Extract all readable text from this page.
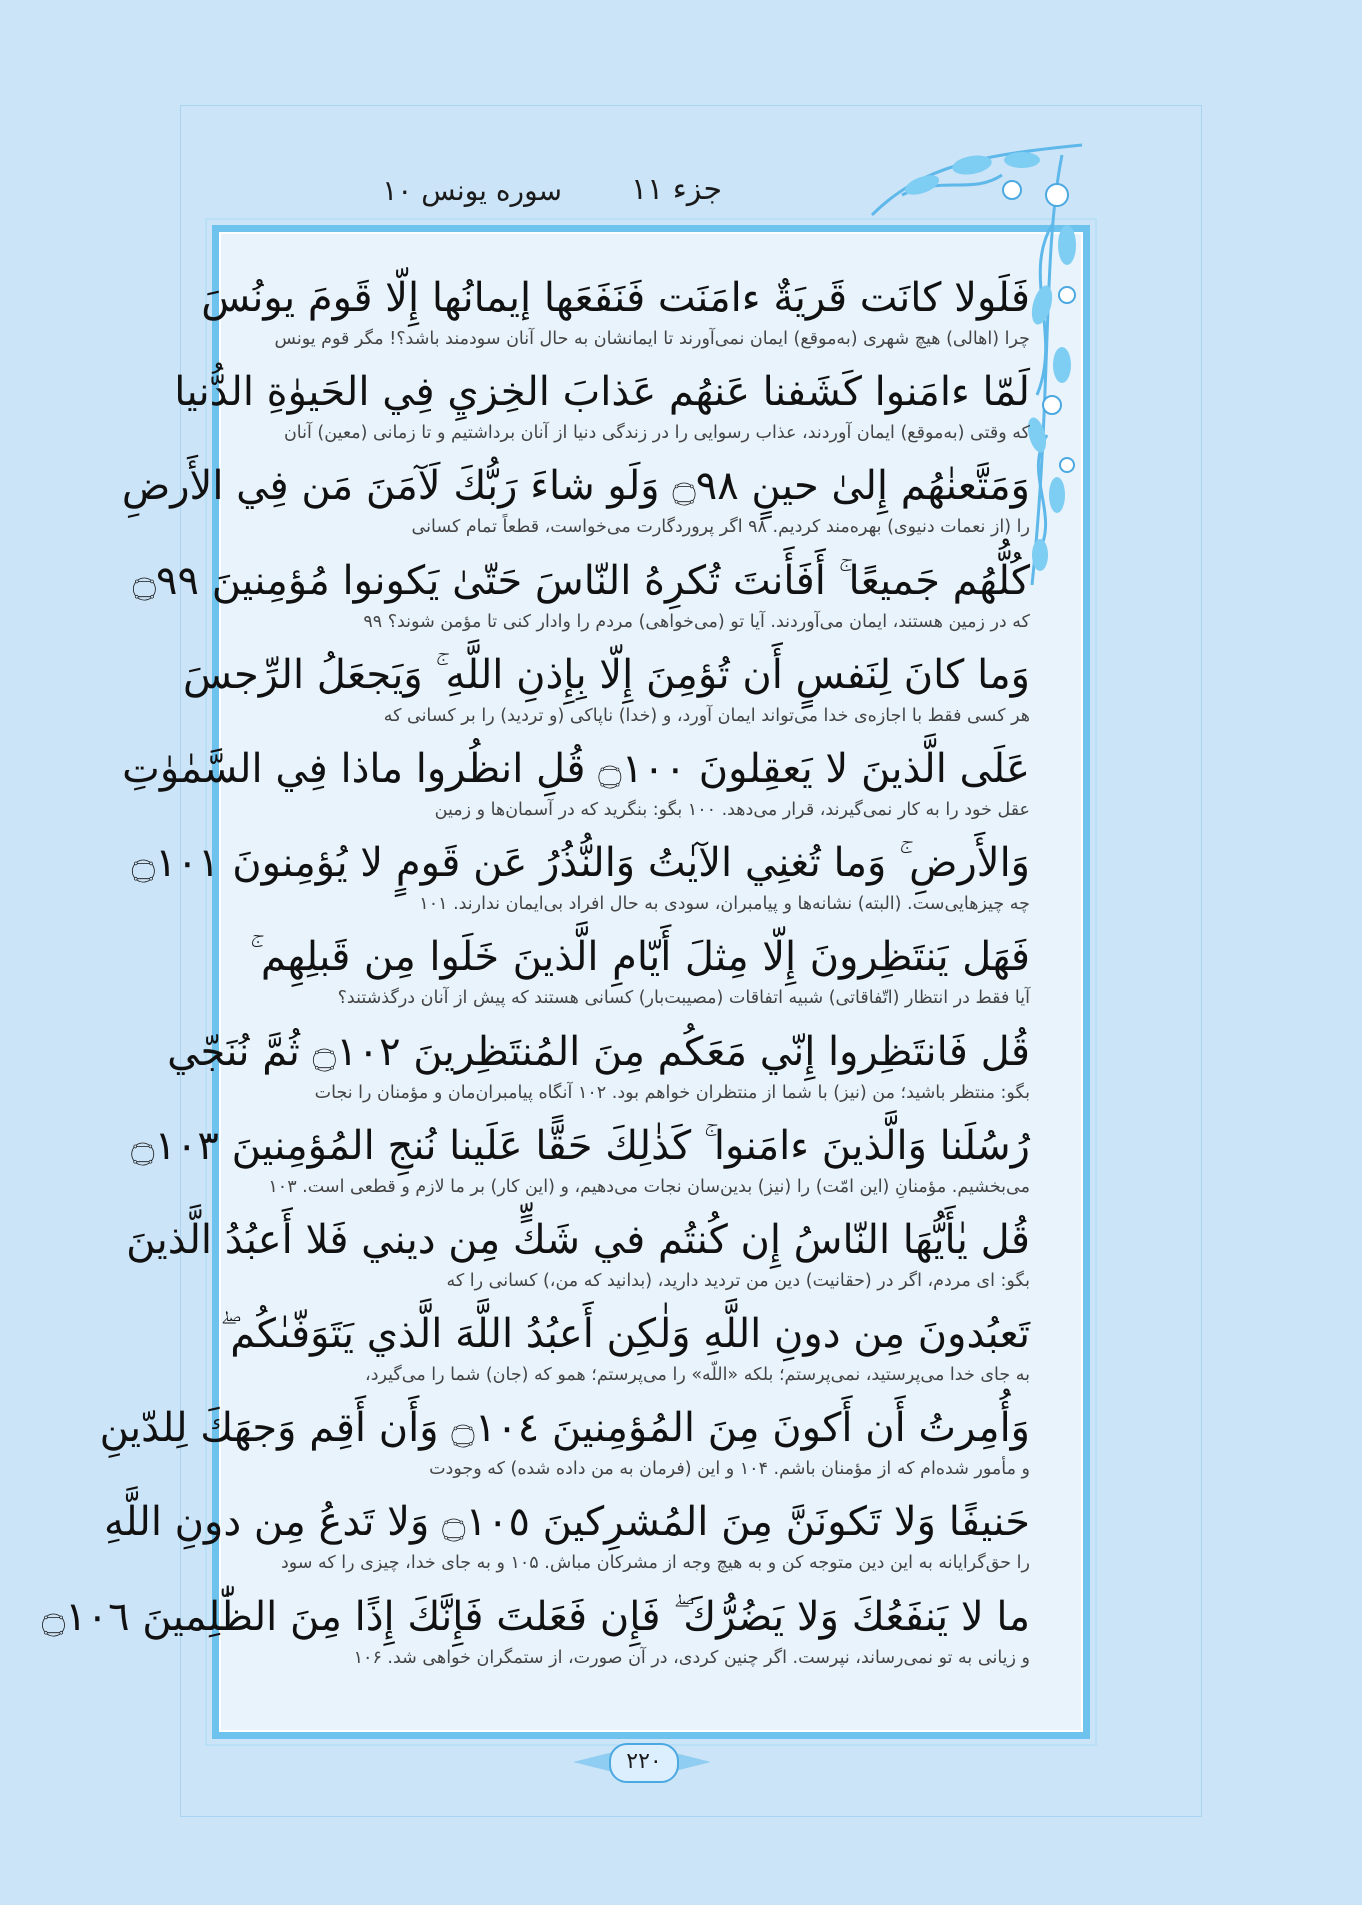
جزء ۱۱
سوره یونس ۱۰
فَلَولا كانَت قَريَةٌ ءامَنَت فَنَفَعَها إيمانُها إِلّا قَومَ يونُسَ
چرا (اهالی) هیچ شهری (به‌موقع) ایمان نمی‌آورند تا ایمانشان به حال آنان سودمند باشد؟! مگر قوم یونس
لَمّا ءامَنوا كَشَفنا عَنهُم عَذابَ الخِزيِ فِي الحَيوٰةِ الدُّنيا
که وقتی (به‌موقع) ایمان آوردند، عذاب رسوایی را در زندگی دنیا از آنان برداشتیم و تا زمانی (معین) آنان
وَمَتَّعنٰهُم إِلىٰ حينٍ ۝٩٨ وَلَو شاءَ رَبُّكَ لَآمَنَ مَن فِي الأَرضِ
را (از نعمات دنیوی) بهره‌مند کردیم. ۹۸ اگر پروردگارت می‌خواست، قطعاً تمام کسانی
كُلُّهُم جَميعًا ۚ أَفَأَنتَ تُكرِهُ النّاسَ حَتّىٰ يَكونوا مُؤمِنينَ ۝٩٩
که در زمین هستند، ایمان می‌آوردند. آیا تو (می‌خواهی) مردم را وادار کنی تا مؤمن شوند؟ ۹۹
وَما كانَ لِنَفسٍ أَن تُؤمِنَ إِلّا بِإِذنِ اللَّهِ ۚ وَيَجعَلُ الرِّجسَ
هر کسی فقط با اجازه‌ی خدا می‌تواند ایمان آورد، و (خدا) ناپاکی (و تردید) را بر کسانی که
عَلَى الَّذينَ لا يَعقِلونَ ۝١٠٠ قُلِ انظُروا ماذا فِي السَّمٰوٰتِ
عقل خود را به کار نمی‌گیرند، قرار می‌دهد. ۱۰۰ بگو: بنگرید که در آسمان‌ها و زمین
وَالأَرضِ ۚ وَما تُغنِي الآيٰتُ وَالنُّذُرُ عَن قَومٍ لا يُؤمِنونَ ۝١٠١
چه چیزهایی‌ست. (البته) نشانه‌ها و پیامبران، سودی به حال افراد بی‌ایمان ندارند. ۱۰۱
فَهَل يَنتَظِرونَ إِلّا مِثلَ أَيّامِ الَّذينَ خَلَوا مِن قَبلِهِم ۚ
آیا فقط در انتظار (اتّفاقاتی) شبیه اتفاقات (مصیبت‌بار) کسانی هستند که پیش از آنان درگذشتند؟
قُل فَانتَظِروا إِنّي مَعَكُم مِنَ المُنتَظِرينَ ۝١٠٢ ثُمَّ نُنَجّي
بگو: منتظر باشید؛ من (نیز) با شما از منتظران خواهم بود. ۱۰۲ آنگاه پیامبران‌مان و مؤمنان را نجات
رُسُلَنا وَالَّذينَ ءامَنوا ۚ كَذٰلِكَ حَقًّا عَلَينا نُنجِ المُؤمِنينَ ۝١٠٣
می‌بخشیم. مؤمنانِ (این امّت) را (نیز) بدین‌سان نجات می‌دهیم، و (این کار) بر ما لازم و قطعی است. ۱۰۳
قُل يٰأَيُّهَا النّاسُ إِن كُنتُم في شَكٍّ مِن ديني فَلا أَعبُدُ الَّذينَ
بگو: ای مردم، اگر در (حقانیت) دین من تردید دارید، (بدانید که من،) کسانی را که
تَعبُدونَ مِن دونِ اللَّهِ وَلٰكِن أَعبُدُ اللَّهَ الَّذي يَتَوَفّىٰكُم ۖ
به جای خدا می‌پرستید، نمی‌پرستم؛ بلکه «اللّه» را می‌پرستم؛ همو که (جان) شما را می‌گیرد،
وَأُمِرتُ أَن أَكونَ مِنَ المُؤمِنينَ ۝١٠٤ وَأَن أَقِم وَجهَكَ لِلدّينِ
و مأمور شده‌ام که از مؤمنان باشم. ۱۰۴ و این (فرمان به من داده شده) که وجودت
حَنيفًا وَلا تَكونَنَّ مِنَ المُشرِكينَ ۝١٠٥ وَلا تَدعُ مِن دونِ اللَّهِ
را حق‌گرایانه به این دین متوجه کن و به هیچ وجه از مشرکان مباش. ۱۰۵ و به جای خدا، چیزی را که سود
ما لا يَنفَعُكَ وَلا يَضُرُّكَ ۖ فَإِن فَعَلتَ فَإِنَّكَ إِذًا مِنَ الظّٰلِمينَ ۝١٠٦
و زیانی به تو نمی‌رساند، نپرست. اگر چنین کردی، در آن صورت، از ستمگران خواهی شد. ۱۰۶
۲۲۰
